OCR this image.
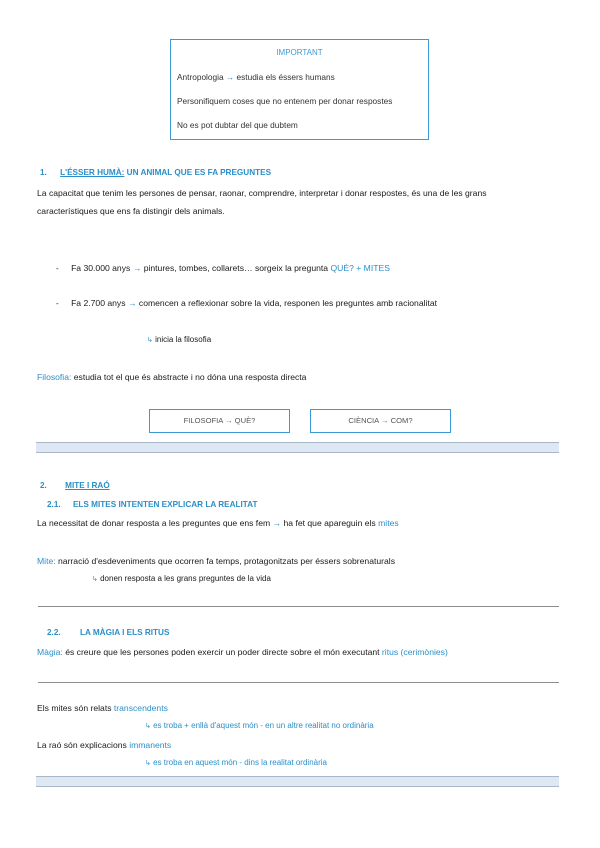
IMPORTANT
Antropologia → estudia els éssers humans
Personifiquem coses que no entenem per donar respostes
No es pot dubtar del que dubtem
1. L'ÉSSER HUMÀ: UN ANIMAL QUE ES FA PREGUNTES
La capacitat que tenim les persones de pensar, raonar, comprendre, interpretar i donar respostes, és una de les grans
característiques que ens fa distingir dels animals.
- Fa 30.000 anys → pintures, tombes, collarets… sorgeix la pregunta QUÈ? + MITES
- Fa 2.700 anys → comencen a reflexionar sobre la vida, responen les preguntes amb racionalitat
↳ inicia la filosofia
Filosofia: estudia tot el que és abstracte i no dóna una resposta directa
FILOSOFIA → QUÈ?	CIÈNCIA → COM?
2. MITE I RAÓ
2.1. ELS MITES INTENTEN EXPLICAR LA REALITAT
La necessitat de donar resposta a les preguntes que ens fem → ha fet que apareguin els mites
Mite: narració d'esdeveniments que ocorren fa temps, protagonitzats per éssers sobrenaturals
↳ donen resposta a les grans preguntes de la vida
2.2. LA MÀGIA I ELS RITUS
Màgia: és creure que les persones poden exercir un poder directe sobre el món executant ritus (cerimònies)
Els mites són relats transcendents
↳ es troba + enllà d'aquest món - en un altre realitat no ordinària
La raó són explicacions immanents
↳ es troba en aquest món - dins la realitat ordinària
